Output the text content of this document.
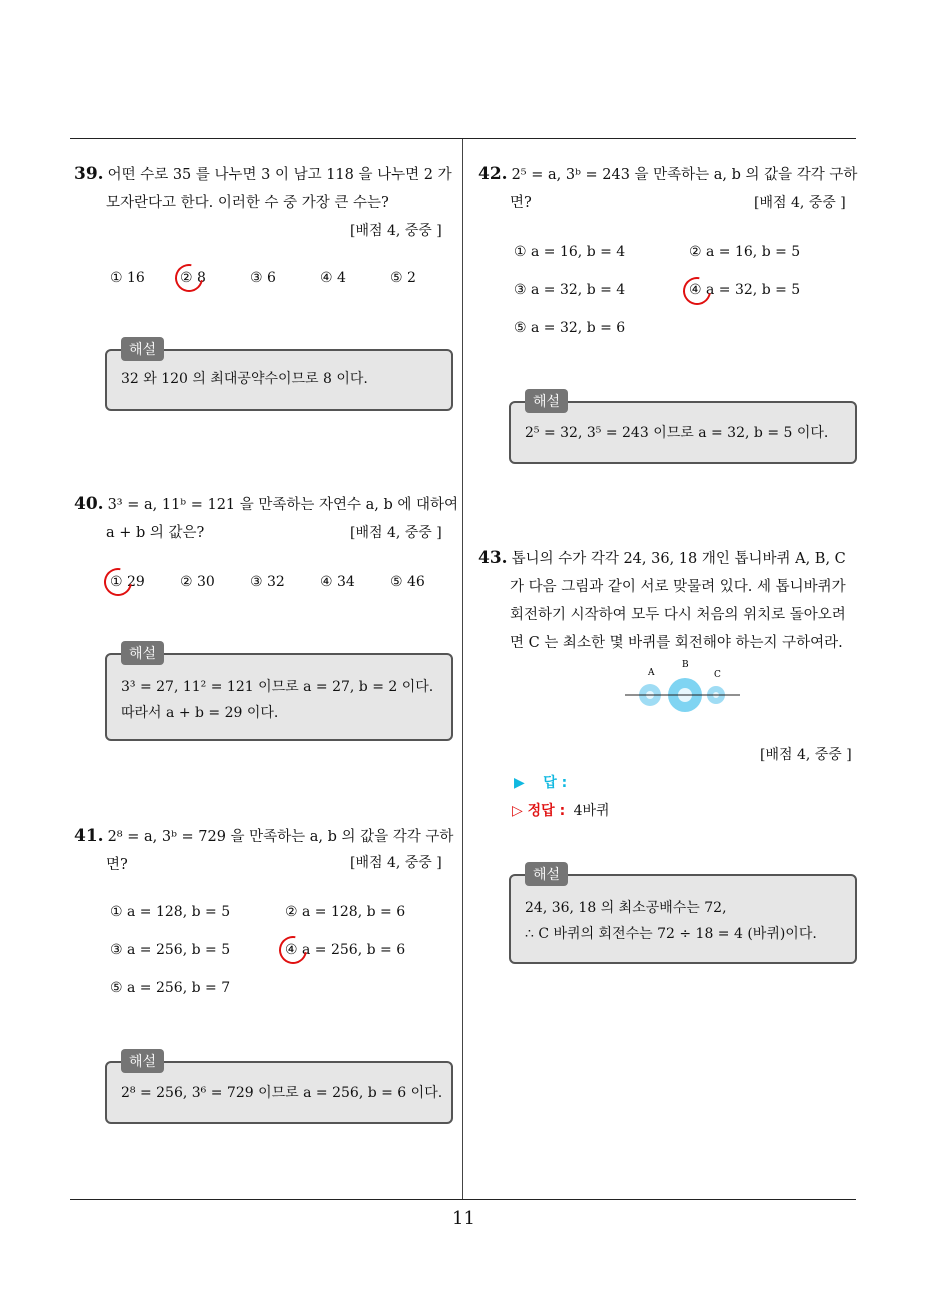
39. 어떤 수로 35 를 나누면 3 이 남고 118 을 나누면 2 가
모자란다고 한다. 이러한 수 중 가장 큰 수는?
[배점 4, 중중 ]
① 16	② 8	③ 6	④ 4	⑤ 2
해설
32 와 120 의 최대공약수이므로 8 이다.
40. 3³ = a, 11ᵇ = 121 을 만족하는 자연수 a, b 에 대하여
a + b 의 값은?	[배점 4, 중중 ]
① 29	② 30	③ 32	④ 34	⑤ 46
해설
3³ = 27, 11² = 121 이므로 a = 27, b = 2 이다.
따라서 a + b = 29 이다.
41. 2⁸ = a, 3ᵇ = 729 을 만족하는 a, b 의 값을 각각 구하
면?	[배점 4, 중중 ]
① a = 128, b = 5	② a = 128, b = 6
③ a = 256, b = 5	④ a = 256, b = 6
⑤ a = 256, b = 7
해설
2⁸ = 256, 3⁶ = 729 이므로 a = 256, b = 6 이다.
42. 2⁵ = a, 3ᵇ = 243 을 만족하는 a, b 의 값을 각각 구하
면?	[배점 4, 중중 ]
① a = 16, b = 4	② a = 16, b = 5
③ a = 32, b = 4	④ a = 32, b = 5
⑤ a = 32, b = 6
해설
2⁵ = 32, 3⁵ = 243 이므로 a = 32, b = 5 이다.
43. 톱니의 수가 각각 24, 36, 18 개인 톱니바퀴 A, B, C
가 다음 그림과 같이 서로 맞물려 있다. 세 톱니바퀴가
회전하기 시작하여 모두 다시 처음의 위치로 돌아오려
면 C 는 최소한 몇 바퀴를 회전해야 하는지 구하여라.
A
B
C
[배점 4, 중중 ]
▶ 답 :
▷ 정답 : 4바퀴
해설
24, 36, 18 의 최소공배수는 72,
∴ C 바퀴의 회전수는 72 ÷ 18 = 4 (바퀴)이다.
11
